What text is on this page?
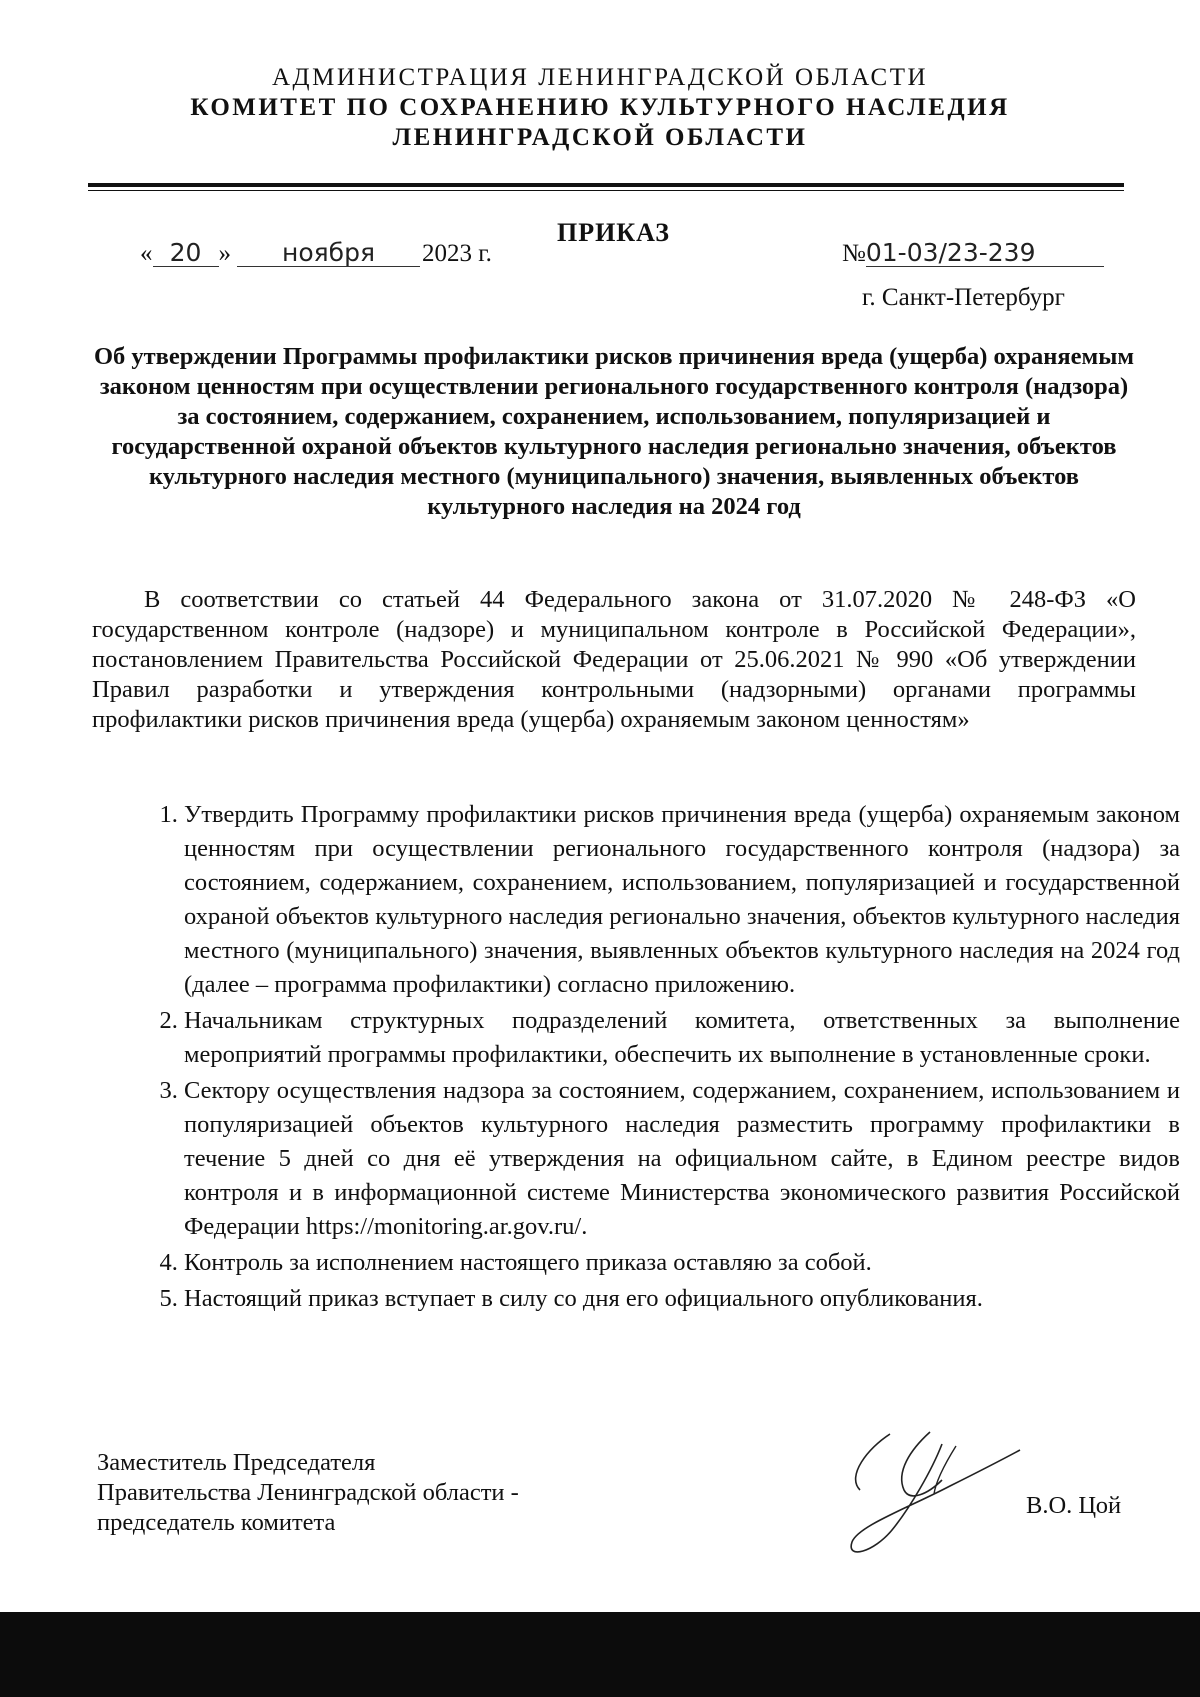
АДМИНИСТРАЦИЯ ЛЕНИНГРАДСКОЙ ОБЛАСТИ
КОМИТЕТ ПО СОХРАНЕНИЮ КУЛЬТУРНОГО НАСЛЕДИЯ
ЛЕНИНГРАДСКОЙ ОБЛАСТИ
ПРИКАЗ
« 20 » ноября 2023 г.	№01-03/23-239
г. Санкт-Петербург
Об утверждении Программы профилактики рисков причинения вреда (ущерба) охраняемым законом ценностям при осуществлении регионального государственного контроля (надзора) за состоянием, содержанием, сохранением, использованием, популяризацией и государственной охраной объектов культурного наследия регионально значения, объектов культурного наследия местного (муниципального) значения, выявленных объектов культурного наследия на 2024 год
В соответствии со статьей 44 Федерального закона от 31.07.2020 № 248-ФЗ «О государственном контроле (надзоре) и муниципальном контроле в Российской Федерации», постановлением Правительства Российской Федерации от 25.06.2021 № 990 «Об утверждении Правил разработки и утверждения контрольными (надзорными) органами программы профилактики рисков причинения вреда (ущерба) охраняемым законом ценностям»
1. Утвердить Программу профилактики рисков причинения вреда (ущерба) охраняемым законом ценностям при осуществлении регионального государственного контроля (надзора) за состоянием, содержанием, сохранением, использованием, популяризацией и государственной охраной объектов культурного наследия регионально значения, объектов культурного наследия местного (муниципального) значения, выявленных объектов культурного наследия на 2024 год (далее – программа профилактики) согласно приложению.
2. Начальникам структурных подразделений комитета, ответственных за выполнение мероприятий программы профилактики, обеспечить их выполнение в установленные сроки.
3. Сектору осуществления надзора за состоянием, содержанием, сохранением, использованием и популяризацией объектов культурного наследия разместить программу профилактики в течение 5 дней со дня её утверждения на официальном сайте, в Едином реестре видов контроля и в информационной системе Министерства экономического развития Российской Федерации https://monitoring.ar.gov.ru/.
4. Контроль за исполнением настоящего приказа оставляю за собой.
5. Настоящий приказ вступает в силу со дня его официального опубликования.
Заместитель Председателя
Правительства Ленинградской области -
председатель комитета
В.О. Цой
